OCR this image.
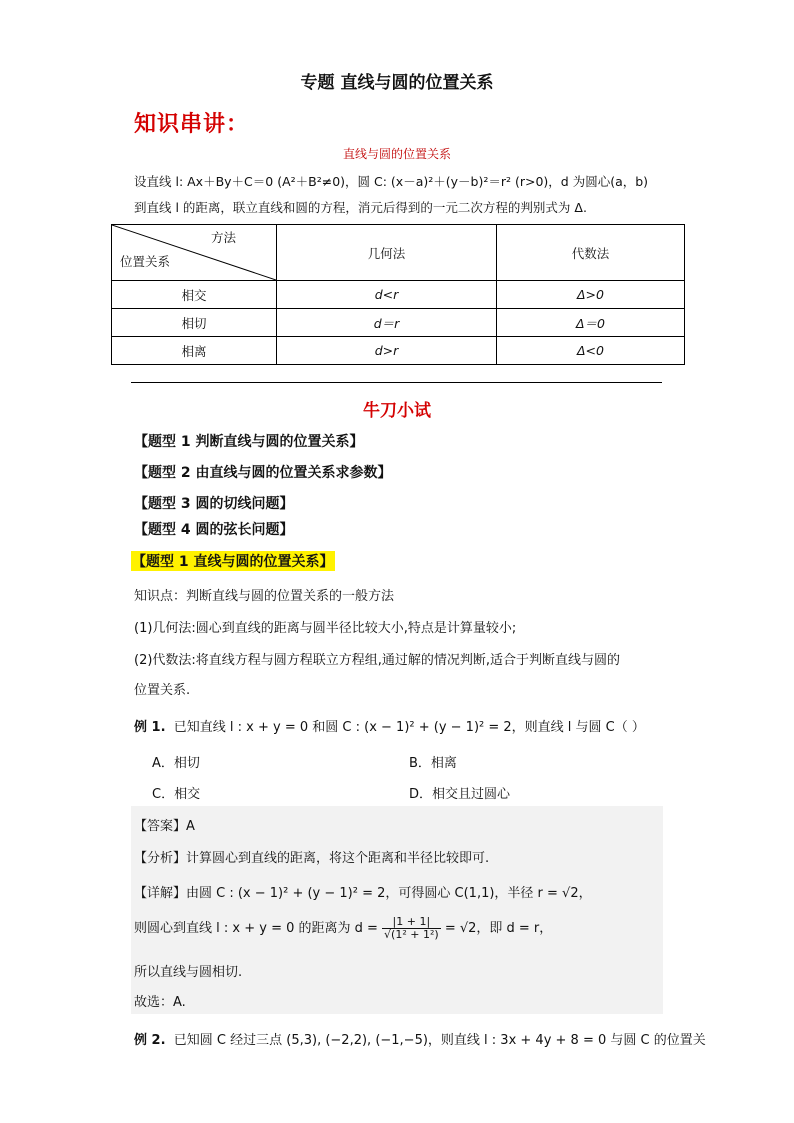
专题 直线与圆的位置关系
知识串讲：
直线与圆的位置关系
设直线 l: Ax＋By＋C＝0 (A²＋B²≠0)，圆 C: (x－a)²＋(y－b)²＝r² (r>0)，d 为圆心(a，b)
到直线 l 的距离，联立直线和圆的方程，消元后得到的一元二次方程的判别式为 Δ.
方法
位置关系	几何法	代数法
相交	d<r	Δ>0
相切	d＝r	Δ＝0
相离	d>r	Δ<0
牛刀小试
【题型 1 判断直线与圆的位置关系】
【题型 2 由直线与圆的位置关系求参数】
【题型 3 圆的切线问题】
【题型 4 圆的弦长问题】
【题型 1 直线与圆的位置关系】
知识点：判断直线与圆的位置关系的一般方法
(1)几何法:圆心到直线的距离与圆半径比较大小,特点是计算量较小;
(2)代数法:将直线方程与圆方程联立方程组,通过解的情况判断,适合于判断直线与圆的
位置关系.
例 1. 已知直线 l : x + y = 0 和圆 C : (x − 1)² + (y − 1)² = 2，则直线 l 与圆 C（ ）
A．相切	B．相离
C．相交	D．相交且过圆心
【答案】A
【分析】计算圆心到直线的距离，将这个距离和半径比较即可.
【详解】由圆 C : (x − 1)² + (y − 1)² = 2，可得圆心 C(1,1)，半径 r = √2，
则圆心到直线 l : x + y = 0 的距离为 $d = \frac{|1 + 1|}{\text{√(1² + 1²)}} = √2$，即 d = r，
所以直线与圆相切.
故选：A.
例 2. 已知圆 C 经过三点 (5,3), (−2,2), (−1,−5)，则直线 l : 3x + 4y + 8 = 0 与圆 C 的位置关
